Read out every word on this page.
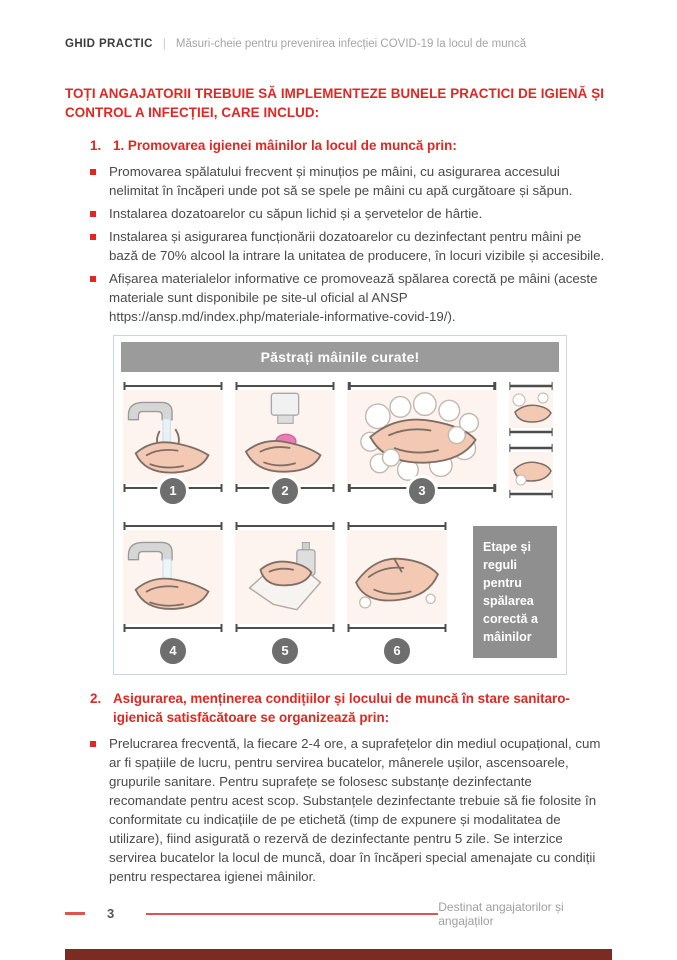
GHID PRACTIC | Măsuri-cheie pentru prevenirea infecției COVID-19 la locul de muncă
TOȚI ANGAJATORII TREBUIE SĂ IMPLEMENTEZE BUNELE PRACTICI DE IGIENĂ ȘI CONTROL A INFECȚIEI, CARE INCLUD:
1. 1. Promovarea igienei mâinilor la locul de muncă prin:

Promovarea spălatului frecvent și minuțios pe mâini, cu asigurarea accesului nelimitat în încăperi unde pot să se spele pe mâini cu apă curgătoare și săpun.

Instalarea dozatoarelor cu săpun lichid și a șervetelor de hârtie.

Instalarea și asigurarea funcționării dozatoarelor cu dezinfectant pentru mâini pe bază de 70% alcool la intrare la unitatea de producere, în locuri vizibile și accesibile.

Afișarea materialelor informative ce promovează spălarea corectă pe mâini (aceste materiale sunt disponibile pe site-ul oficial al ANSP https://ansp.md/index.php/materiale-informative-covid-19/).

Păstrați mâinile curate!
1	2	3
4	5	6
Etape și reguli pentru spălarea corectă a mâinilor
2. Asigurarea, menținerea condițiilor și locului de muncă în stare sanitaro-igienică satisfăcătoare se organizează prin:

Prelucrarea frecventă, la fiecare 2-4 ore, a suprafețelor din mediul ocupațional, cum ar fi spațiile de lucru, pentru servirea bucatelor, mânerele ușilor, ascensoarele, grupurile sanitare. Pentru suprafețe se folosesc substanțe dezinfectante recomandate pentru acest scop. Substanțele dezinfectante trebuie să fie folosite în conformitate cu indicațiile de pe etichetă (timp de expunere și modalitatea de utilizare), fiind asigurată o rezervă de dezinfectante pentru 5 zile. Se interzice servirea bucatelor la locul de muncă, doar în încăperi special amenajate cu condiții pentru respectarea igienei mâinilor.

3	Destinat angajatorilor și angajaților
